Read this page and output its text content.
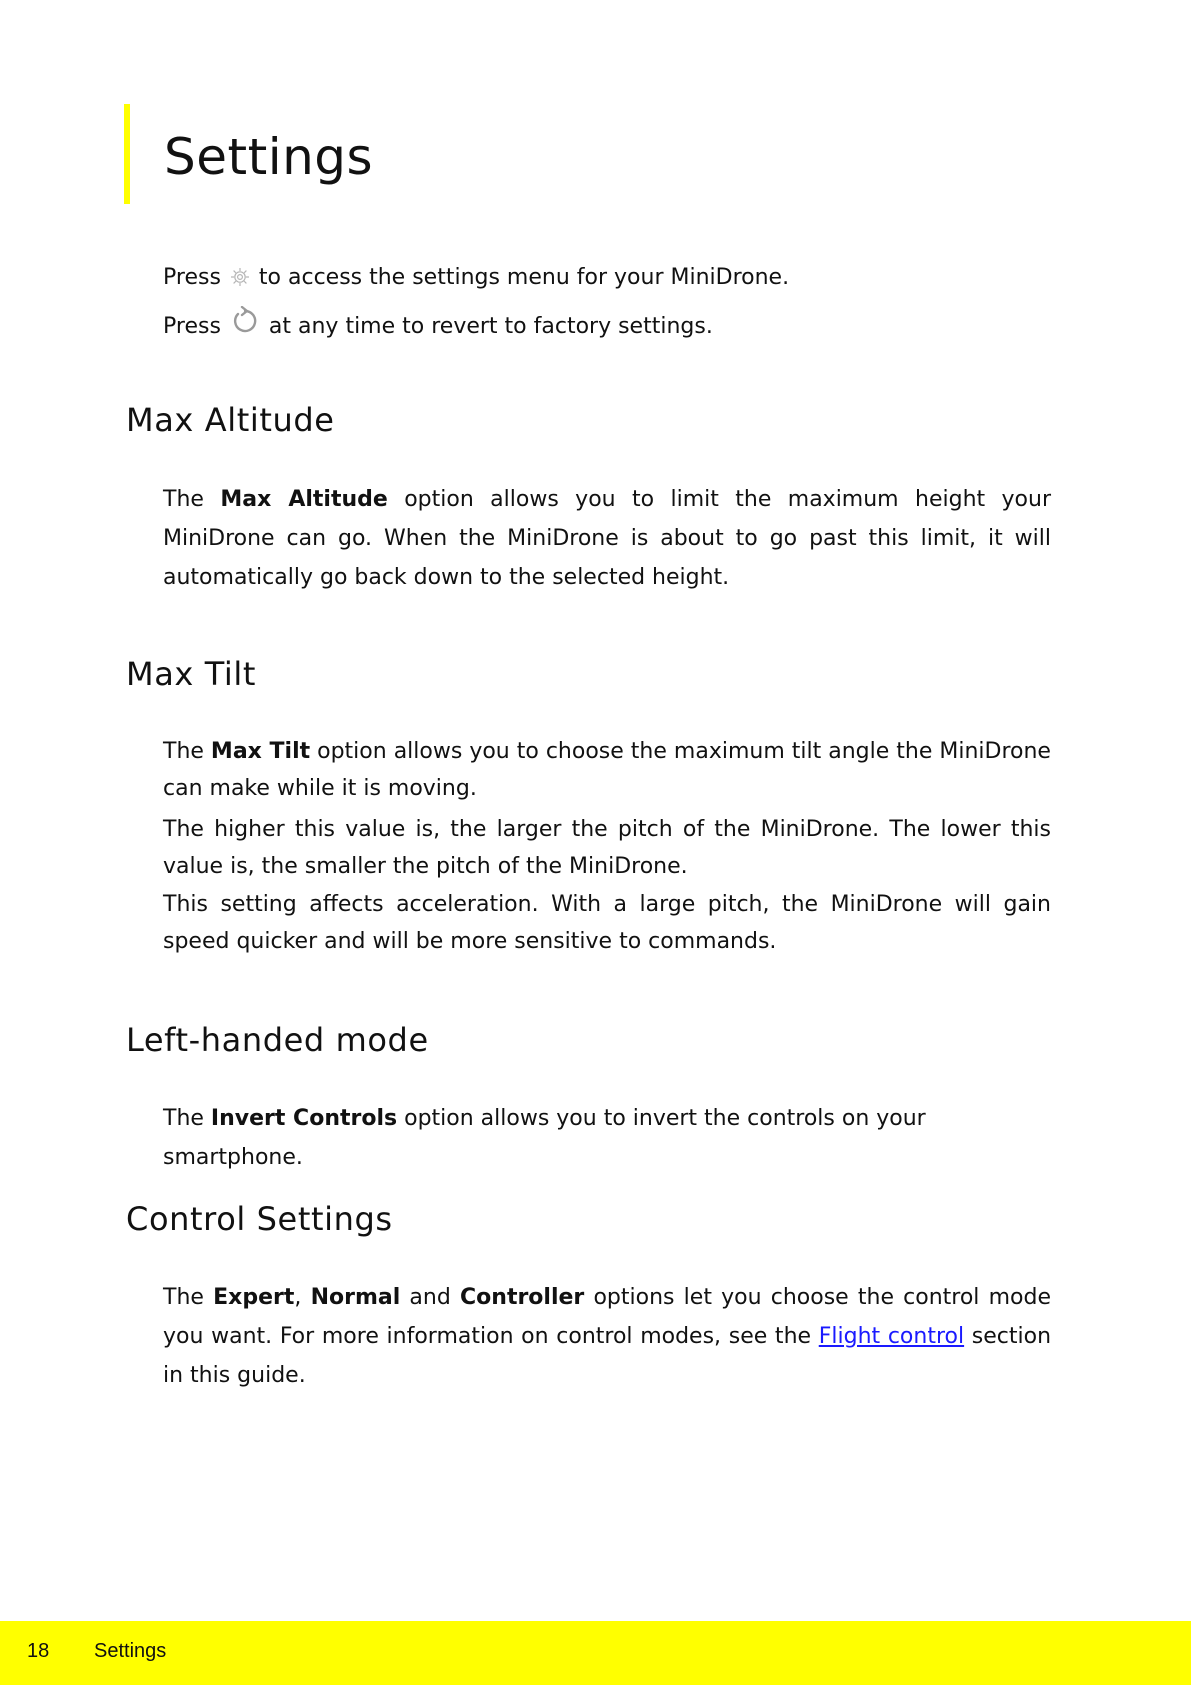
Settings
Press to access the settings menu for your MiniDrone.
Press at any time to revert to factory settings.
Max Altitude

The Max Altitude option allows you to limit the maximum height your MiniDrone can go. When the MiniDrone is about to go past this limit, it will automatically go back down to the selected height.

Max Tilt

The Max Tilt option allows you to choose the maximum tilt angle the MiniDrone can make while it is moving.

The higher this value is, the larger the pitch of the MiniDrone. The lower this value is, the smaller the pitch of the MiniDrone.

This setting affects acceleration. With a large pitch, the MiniDrone will gain speed quicker and will be more sensitive to commands.

Left-handed mode

The Invert Controls option allows you to invert the controls on your smartphone.

Control Settings

The Expert, Normal and Controller options let you choose the control mode you want. For more information on control modes, see the Flight control section in this guide.

18 Settings
